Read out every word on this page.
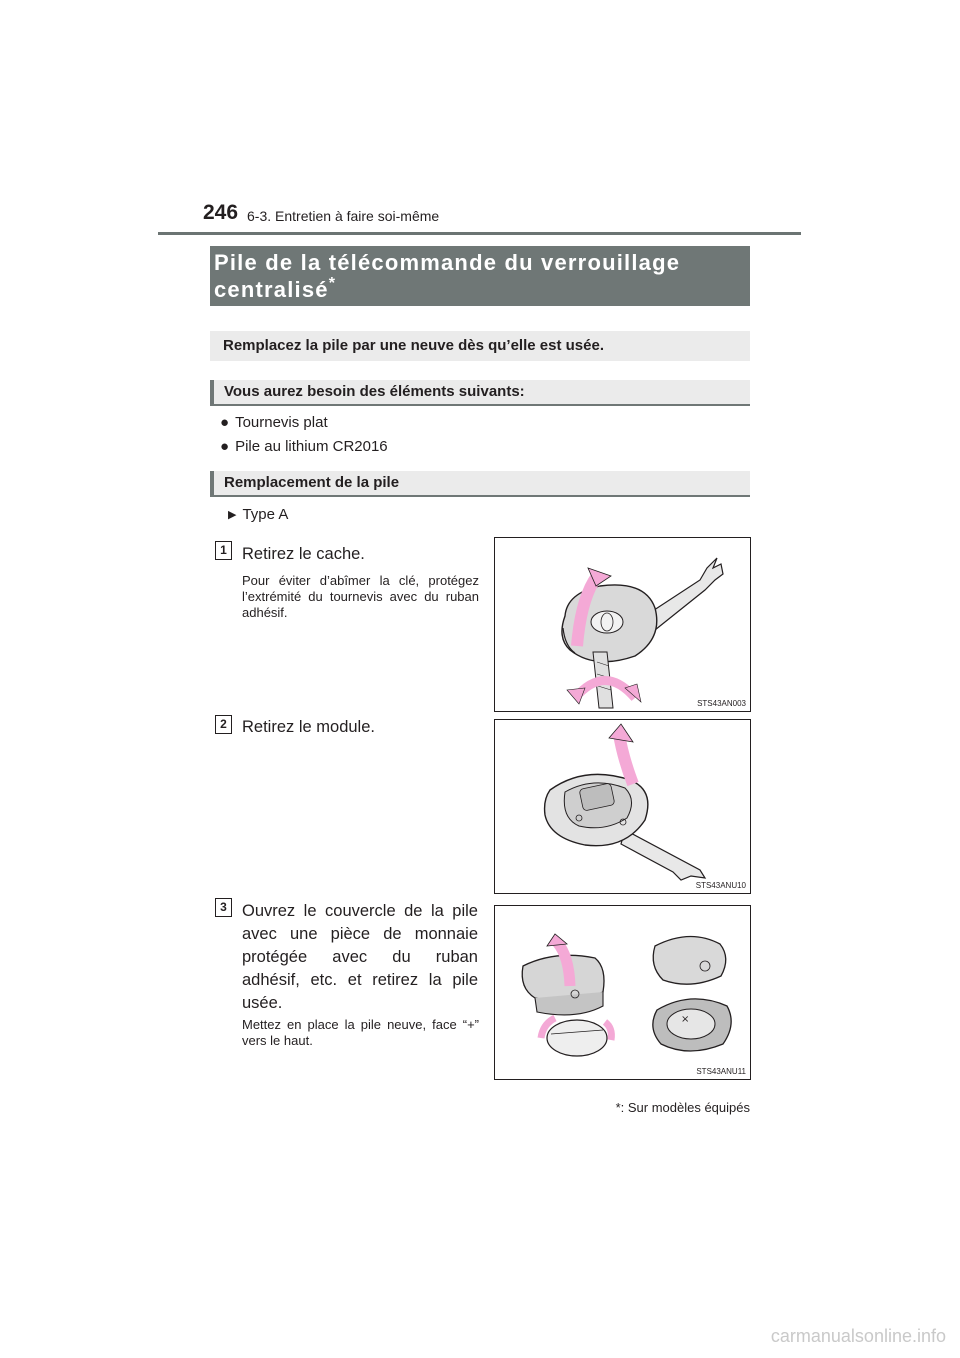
246 6-3. Entretien à faire soi-même
Pile de la télécommande du verrouillage
centralisé*
Remplacez la pile par une neuve dès qu’elle est usée.
Vous aurez besoin des éléments suivants:
● Tournevis plat
● Pile au lithium CR2016
Remplacement de la pile
▶ Type A
1 Retirez le cache.
Pour éviter d’abîmer la clé, protégez l’extrémité du tournevis avec du ruban adhésif.
STS43AN003
2 Retirez le module.
STS43ANU10
3 Ouvrez le couvercle de la pile avec une pièce de monnaie protégée avec du ruban adhésif, etc. et retirez la pile usée.
Mettez en place la pile neuve, face “+” vers le haut.
×
STS43ANU11
*: Sur modèles équipés
carmanualsonline.info
